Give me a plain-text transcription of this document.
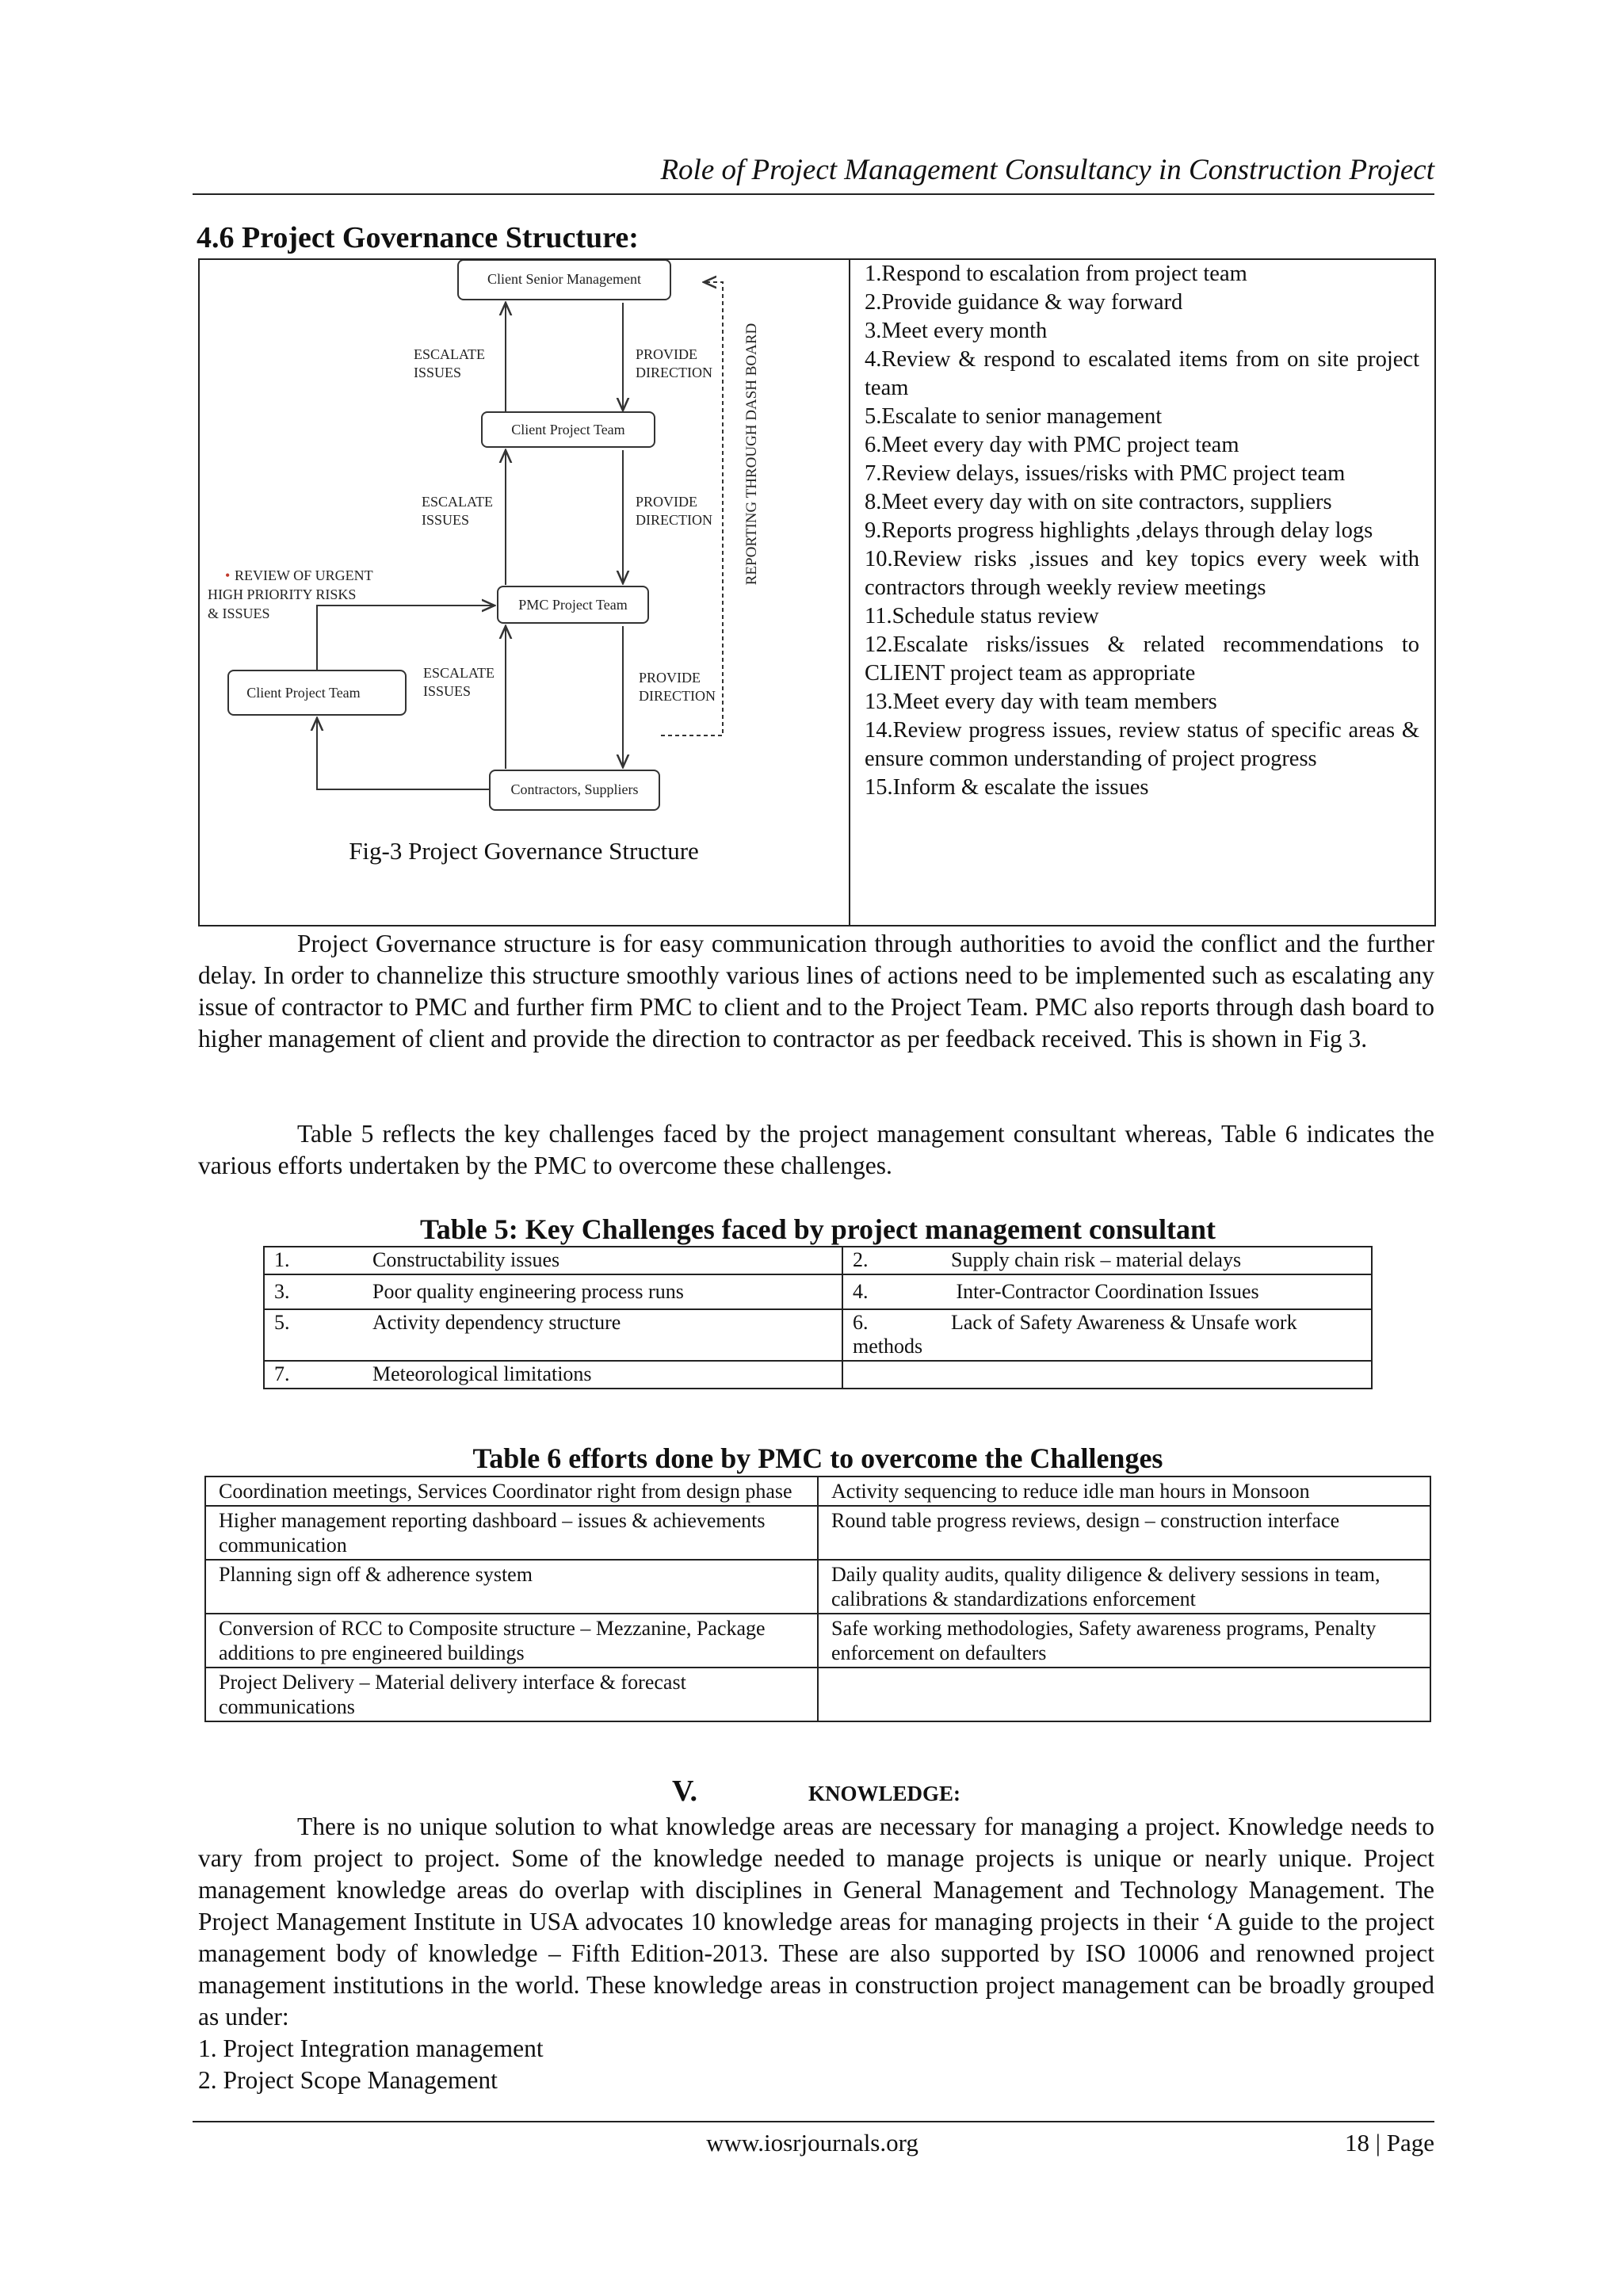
Role of Project Management Consultancy in Construction Project
4.6 Project Governance Structure:
Client Senior Management
Client Project Team
PMC Project Team
Client Project Team
Contractors, Suppliers
ESCALATE
ISSUES
PROVIDE
DIRECTION
ESCALATE
ISSUES
PROVIDE
DIRECTION
ESCALATE
ISSUES
PROVIDE
DIRECTION
• REVIEW OF URGENT
HIGH PRIORITY RISKS
& ISSUES
REPORTING THROUGH DASH BOARD
Fig-3 Project Governance Structure
1.Respond to escalation from project team
2.Provide guidance & way forward
3.Meet every month
4.Review & respond to escalated items from on site project team
5.Escalate to senior management
6.Meet every day with PMC project team
7.Review delays, issues/risks with PMC project team
8.Meet every day with on site contractors, suppliers
9.Reports progress highlights ,delays through delay logs
10.Review risks ,issues and key topics every week with contractors through weekly review meetings
11.Schedule status review
12.Escalate risks/issues & related recommendations to CLIENT project team as appropriate
13.Meet every day with team members
14.Review progress issues, review status of specific areas & ensure common understanding of project progress
15.Inform & escalate the issues

Project Governance structure is for easy communication through authorities to avoid the conflict and the further delay. In order to channelize this structure smoothly various lines of actions need to be implemented such as escalating any issue of contractor to PMC and further firm PMC to client and to the Project Team. PMC also reports through dash board to higher management of client and provide the direction to contractor as per feedback received. This is shown in Fig 3.

Table 5 reflects the key challenges faced by the project management consultant whereas, Table 6 indicates the various efforts undertaken by the PMC to overcome these challenges.

Table 5: Key Challenges faced by project management consultant
1. Constructability issues	2. Supply chain risk – material delays
3. Poor quality engineering process runs	4. Inter-Contractor Coordination Issues
5. Activity dependency structure	6. Lack of Safety Awareness & Unsafe work methods
7. Meteorological limitations	
Table 6 efforts done by PMC to overcome the Challenges
Coordination meetings, Services Coordinator right from design phase	Activity sequencing to reduce idle man hours in Monsoon
Higher management reporting dashboard – issues & achievements communication	Round table progress reviews, design – construction interface
Planning sign off & adherence system	Daily quality audits, quality diligence & delivery sessions in team, calibrations & standardizations enforcement
Conversion of RCC to Composite structure – Mezzanine, Package additions to pre engineered buildings	Safe working methodologies, Safety awareness programs, Penalty enforcement on defaulters
Project Delivery – Material delivery interface & forecast communications	
V.	KNOWLEDGE:

There is no unique solution to what knowledge areas are necessary for managing a project. Knowledge needs to vary from project to project. Some of the knowledge needed to manage projects is unique or nearly unique. Project management knowledge areas do overlap with disciplines in General Management and Technology Management. The Project Management Institute in USA advocates 10 knowledge areas for managing projects in their ‘A guide to the project management body of knowledge – Fifth Edition-2013. These are also supported by ISO 10006 and renowned project management institutions in the world. These knowledge areas in construction project management can be broadly grouped as under:

1. Project Integration management
2. Project Scope Management
www.iosrjournals.org	18 | Page
